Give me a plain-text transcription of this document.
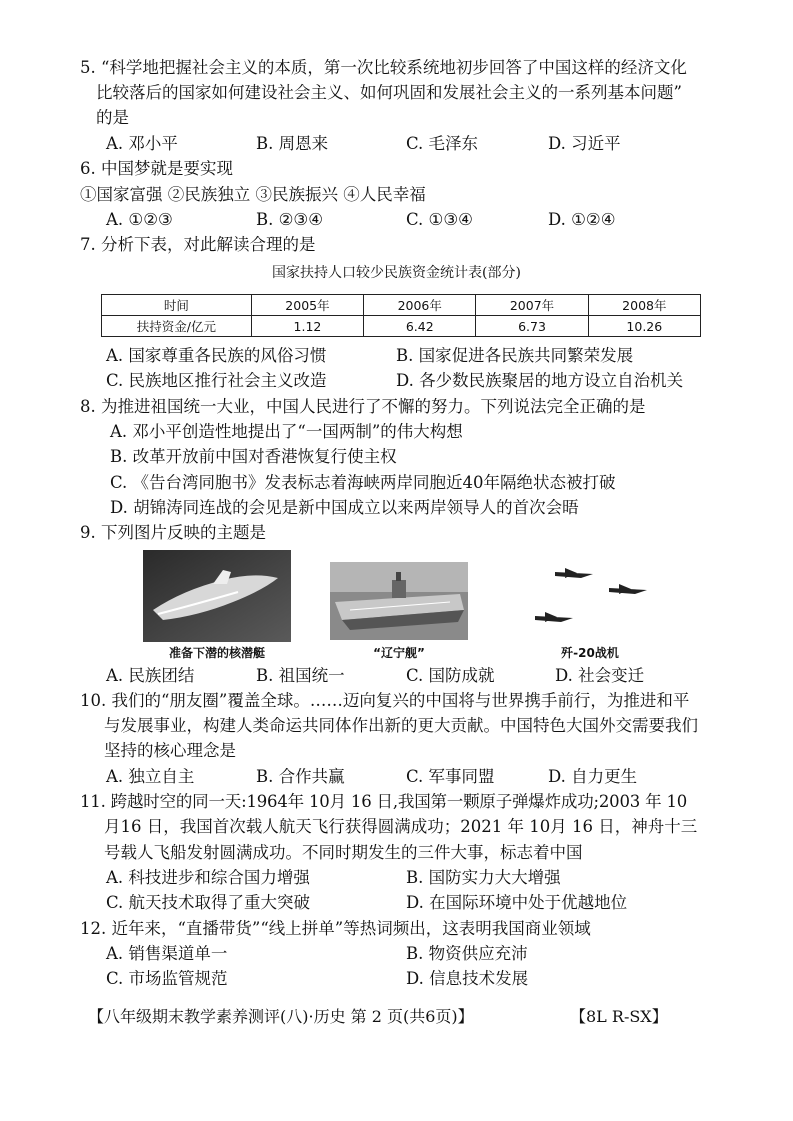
5. “科学地把握社会主义的本质，第一次比较系统地初步回答了中国这样的经济文化
比较落后的国家如何建设社会主义、如何巩固和发展社会主义的一系列基本问题”
的是
A. 邓小平	B. 周恩来	C. 毛泽东	D. 习近平
6. 中国梦就是要实现
①国家富强 ②民族独立 ③民族振兴 ④人民幸福
A. ①②③	B. ②③④	C. ①③④	D. ①②④
7. 分析下表，对此解读合理的是
国家扶持人口较少民族资金统计表(部分)
时间	2005年	2006年	2007年	2008年
扶持资金/亿元	1.12	6.42	6.73	10.26
A. 国家尊重各民族的风俗习惯	B. 国家促进各民族共同繁荣发展
C. 民族地区推行社会主义改造	D. 各少数民族聚居的地方设立自治机关
8. 为推进祖国统一大业，中国人民进行了不懈的努力。下列说法完全正确的是
A. 邓小平创造性地提出了“一国两制”的伟大构想
B. 改革开放前中国对香港恢复行使主权
C. 《告台湾同胞书》发表标志着海峡两岸同胞近40年隔绝状态被打破
D. 胡锦涛同连战的会见是新中国成立以来两岸领导人的首次会晤
9. 下列图片反映的主题是
准备下潜的核潜艇	“辽宁舰”	歼-20战机
A. 民族团结	B. 祖国统一	C. 国防成就	D. 社会变迁
10. 我们的“朋友圈”覆盖全球。……迈向复兴的中国将与世界携手前行，为推进和平
与发展事业，构建人类命运共同体作出新的更大贡献。中国特色大国外交需要我们
坚持的核心理念是
A. 独立自主	B. 合作共赢	C. 军事同盟	D. 自力更生
11. 跨越时空的同一天:1964年 10月 16 日,我国第一颗原子弹爆炸成功;2003 年 10
月16 日，我国首次载人航天飞行获得圆满成功；2021 年 10月 16 日，神舟十三
号载人飞船发射圆满成功。不同时期发生的三件大事，标志着中国
A. 科技进步和综合国力增强	B. 国防实力大大增强
C. 航天技术取得了重大突破	D. 在国际环境中处于优越地位
12. 近年来，“直播带货”“线上拼单”等热词频出，这表明我国商业领域
A. 销售渠道单一	B. 物资供应充沛
C. 市场监管规范	D. 信息技术发展
【八年级期末教学素养测评(八)·历史 第 2 页(共6页)】	【8L R-SX】
